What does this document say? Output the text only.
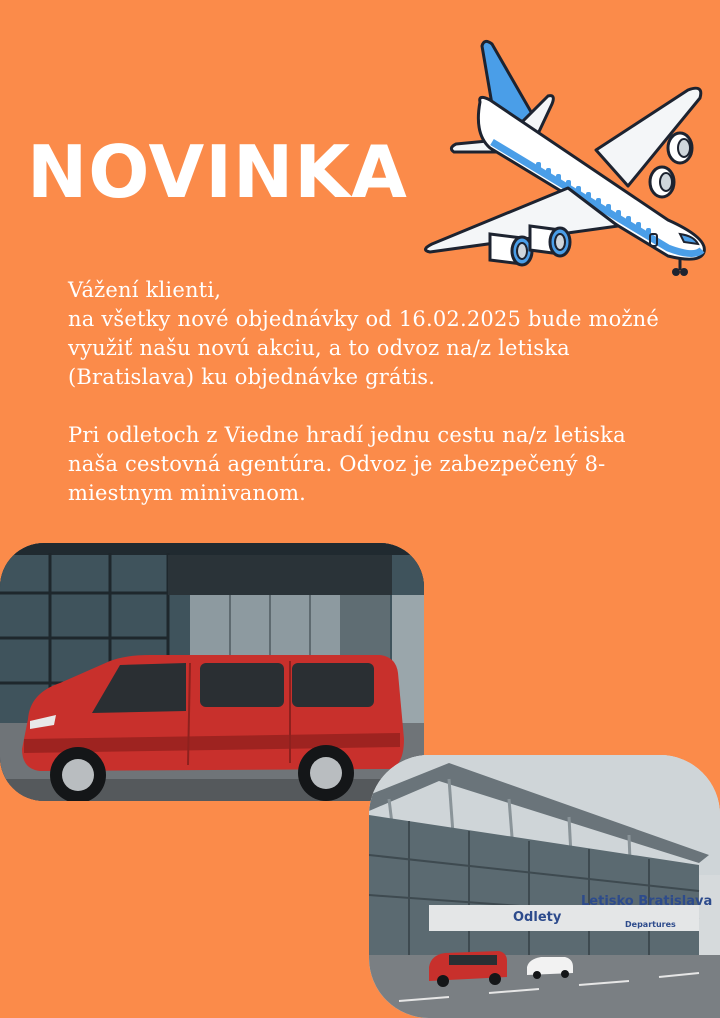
NOVINKA

Vážení klienti,

na všetky nové objednávky od 16.02.2025 bude možné využiť našu novú akciu, a to odvoz na/z letiska (Bratislava) ku objednávke grátis.

Pri odletoch z Viedne hradí jednu cestu na/z letiska naša cestovná agentúra. Odvoz je zabezpečený 8-miestnym minivanom.

Odlety
Letisko Bratislava
Departures
